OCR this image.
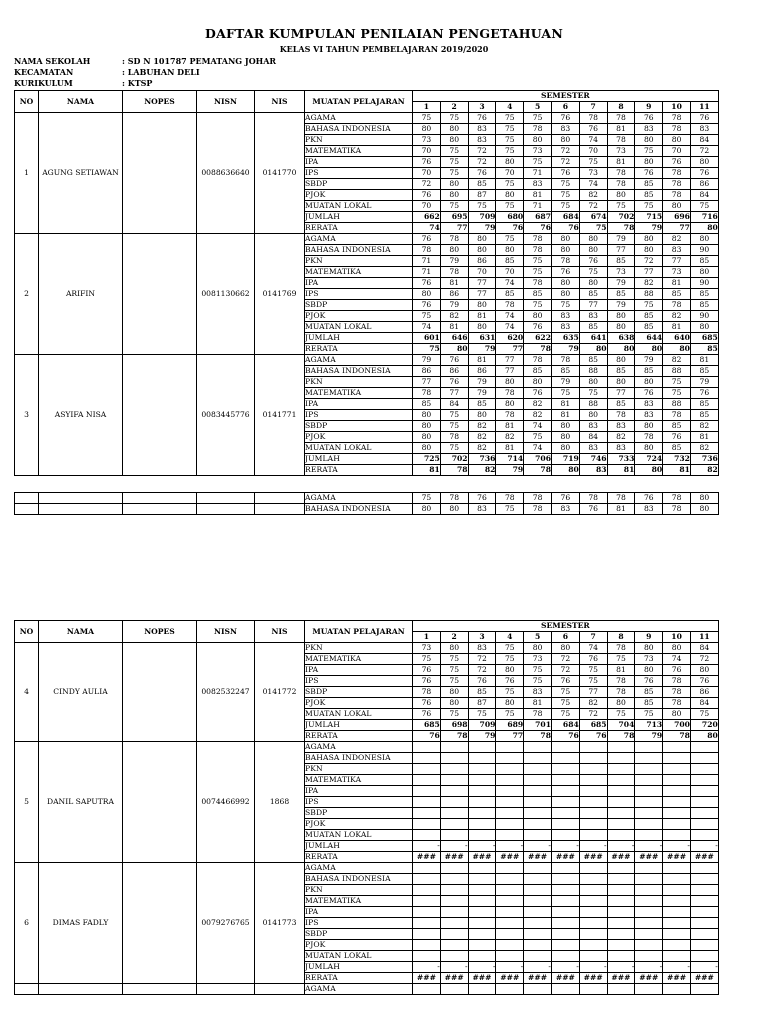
DAFTAR KUMPULAN PENILAIAN PENGETAHUAN
KELAS VI TAHUN PEMBELAJARAN 2019/2020
NAMA SEKOLAH	: SD N 101787 PEMATANG JOHAR
KECAMATAN	: LABUHAN DELI
KURIKULUM	: KTSP
NO	NAMA	NOPES	NISN	NIS	MUATAN PELAJARAN	SEMESTER										
						1	2	3	4	5	6	7	8	9	10	11
1	AGUNG SETIAWAN		0088636640	0141770	AGAMA	75	75	76	75	75	76	78	78	76	78	76
					BAHASA INDONESIA	80	80	83	75	78	83	76	81	83	78	83
					PKN	73	80	83	75	80	80	74	78	80	80	84
					MATEMATIKA	70	75	72	75	73	72	70	73	75	70	72
					IPA	76	75	72	80	75	72	75	81	80	76	80
					IPS	70	75	76	70	71	76	73	78	76	78	76
					SBDP	72	80	85	75	83	75	74	78	85	78	86
					PJOK	76	80	87	80	81	75	82	80	85	78	84
					MUATAN LOKAL	70	75	75	75	71	75	72	75	75	80	75
					JUMLAH	662	695	709	680	687	684	674	702	715	696	716
					RERATA	74	77	79	76	76	76	75	78	79	77	80
2	ARIFIN		0081130662	0141769	AGAMA	76	78	80	75	78	80	80	79	80	82	80
					BAHASA INDONESIA	78	80	80	80	78	80	80	77	80	83	90
					PKN	71	79	86	85	75	78	76	85	72	77	85
					MATEMATIKA	71	78	70	70	75	76	75	73	77	73	80
					IPA	76	81	77	74	78	80	80	79	82	81	90
					IPS	80	86	77	85	85	80	85	85	88	85	85
					SBDP	76	79	80	78	75	75	77	79	75	78	85
					PJOK	75	82	81	74	80	83	83	80	85	82	90
					MUATAN LOKAL	74	81	80	74	76	83	85	80	85	81	80
					JUMLAH	601	646	631	620	622	635	641	638	644	640	685
					RERATA	75	80	79	77	78	79	80	80	80	80	85
3	ASYIFA NISA		0083445776	0141771	AGAMA	79	76	81	77	78	78	85	80	79	82	81
					BAHASA INDONESIA	86	86	86	77	85	85	88	85	85	88	85
					PKN	77	76	79	80	80	79	80	80	80	75	79
					MATEMATIKA	78	77	79	78	76	75	75	77	76	75	76
					IPA	85	84	85	80	82	81	88	85	83	88	85
					IPS	80	75	80	78	82	81	80	78	83	78	85
					SBDP	80	75	82	81	74	80	83	83	80	85	82
					PJOK	80	78	82	82	75	80	84	82	78	76	81
					MUATAN LOKAL	80	75	82	81	74	80	83	83	80	85	82
					JUMLAH	725	702	736	714	706	719	746	733	724	732	736
					RERATA	81	78	82	79	78	80	83	81	80	81	82

					AGAMA	75	78	76	78	78	76	78	78	76	78	80
					BAHASA INDONESIA	80	80	83	75	78	83	76	81	83	78	80
NO	NAMA	NOPES	NISN	NIS	MUATAN PELAJARAN	SEMESTER										
						1	2	3	4	5	6	7	8	9	10	11
4	CINDY AULIA		0082532247	0141772	PKN	73	80	83	75	80	80	74	78	80	80	84
					MATEMATIKA	75	75	72	75	73	72	76	75	73	74	72
					IPA	76	75	72	80	75	72	75	81	80	76	80
					IPS	76	75	76	76	75	76	75	78	76	78	76
					SBDP	78	80	85	75	83	75	77	78	85	78	86
					PJOK	76	80	87	80	81	75	82	80	85	78	84
					MUATAN LOKAL	76	75	75	75	78	75	72	75	75	80	75
					JUMLAH	685	698	709	689	701	684	685	704	713	700	720
					RERATA	76	78	79	77	78	76	76	78	79	78	80
5	DANIL SAPUTRA		0074466992	1868	AGAMA											
					BAHASA INDONESIA											
					PKN											
					MATEMATIKA											
					IPA											
					IPS											
					SBDP											
					PJOK											
					MUATAN LOKAL											
					JUMLAH	-	-	-	-	-	-	-	-	-	-	-
					RERATA	###	###	###	###	###	###	###	###	###	###	###
6	DIMAS FADLY		0079276765	0141773	AGAMA											
					BAHASA INDONESIA											
					PKN											
					MATEMATIKA											
					IPA											
					IPS											
					SBDP											
					PJOK											
					MUATAN LOKAL											
					JUMLAH	-	-	-	-	-	-	-	-	-	-	-
					RERATA	###	###	###	###	###	###	###	###	###	###	###
					AGAMA											
